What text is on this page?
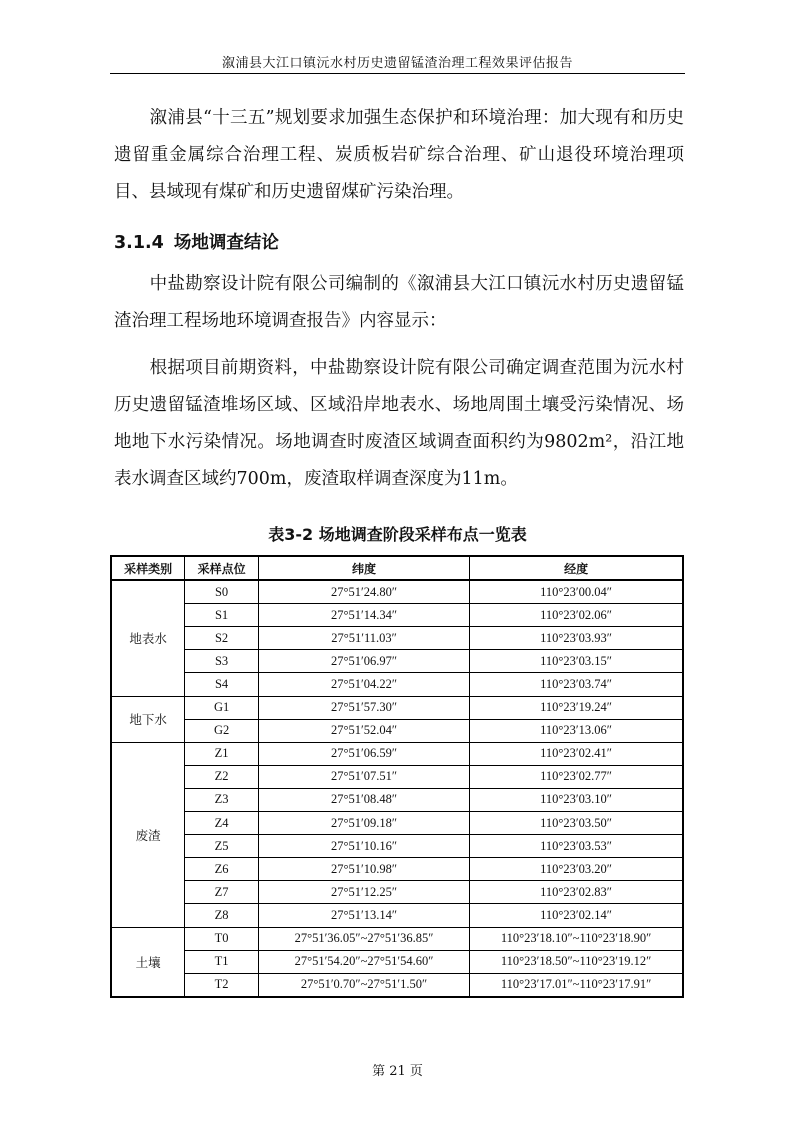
溆浦县大江口镇沅水村历史遗留锰渣治理工程效果评估报告

　　溆浦县“十三五”规划要求加强生态保护和环境治理：加大现有和历史遗留重金属综合治理工程、炭质板岩矿综合治理、矿山退役环境治理项目、县域现有煤矿和历史遗留煤矿污染治理。

3.1.4 场地调查结论

　　中盐勘察设计院有限公司编制的《溆浦县大江口镇沅水村历史遗留锰渣治理工程场地环境调查报告》内容显示：

　　根据项目前期资料，中盐勘察设计院有限公司确定调查范围为沅水村历史遗留锰渣堆场区域、区域沿岸地表水、场地周围土壤受污染情况、场地地下水污染情况。场地调查时废渣区域调查面积约为9802m²，沿江地表水调查区域约700m，废渣取样调查深度为11m。

表3-2 场地调查阶段采样布点一览表
采样类别	采样点位	纬度	经度
地表水	S0	27°51′24.80″	110°23′00.04″
	S1	27°51′14.34″	110°23′02.06″
	S2	27°51′11.03″	110°23′03.93″
	S3	27°51′06.97″	110°23′03.15″
	S4	27°51′04.22″	110°23′03.74″
地下水	G1	27°51′57.30″	110°23′19.24″
	G2	27°51′52.04″	110°23′13.06″
废渣	Z1	27°51′06.59″	110°23′02.41″
	Z2	27°51′07.51″	110°23′02.77″
	Z3	27°51′08.48″	110°23′03.10″
	Z4	27°51′09.18″	110°23′03.50″
	Z5	27°51′10.16″	110°23′03.53″
	Z6	27°51′10.98″	110°23′03.20″
	Z7	27°51′12.25″	110°23′02.83″
	Z8	27°51′13.14″	110°23′02.14″
土壤	T0	27°51′36.05″~27°51′36.85″	110°23′18.10″~110°23′18.90″
	T1	27°51′54.20″~27°51′54.60″	110°23′18.50″~110°23′19.12″
	T2	27°51′0.70″~27°51′1.50″	110°23′17.01″~110°23′17.91″
第 21 页
